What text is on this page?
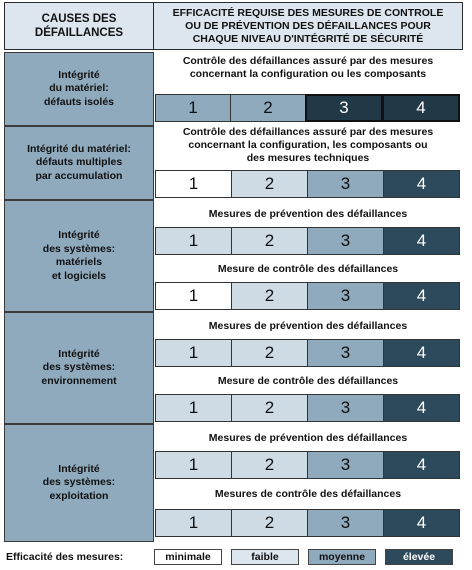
CAUSES DES DÉFAILLANCES
EFFICACITÉ REQUISE DES MESURES DE CONTROLE
OU DE PRÉVENTION DES DÉFAILLANCES POUR
CHAQUE NIVEAU D'INTÉGRITÉ DE SÉCURITÉ
Intégrité
du matériel:
défauts isolés
Contrôle des défaillances assuré par des mesures
concernant la configuration ou les composants
1	2	3	4
Intégrité du matériel:
défauts multiples
par accumulation
Contrôle des défaillances assuré par des mesures
concernant la configuration, les composants ou
des mesures techniques
1	2	3	4
Intégrité
des systèmes:
matériels
et logiciels
Mesures de prévention des défaillances
1	2	3	4
Mesure de contrôle des défaillances
1	2	3	4
Intégrité
des systèmes:
environnement
Mesures de prévention des défaillances
1	2	3	4
Mesure de contrôle des défaillances
1	2	3	4
Intégrité
des systèmes:
exploitation
Mesures de prévention des défaillances
1	2	3	4
Mesures de contrôle des défaillances
1	2	3	4
Efficacité des mesures:	minimale	faible	moyenne	élevée
